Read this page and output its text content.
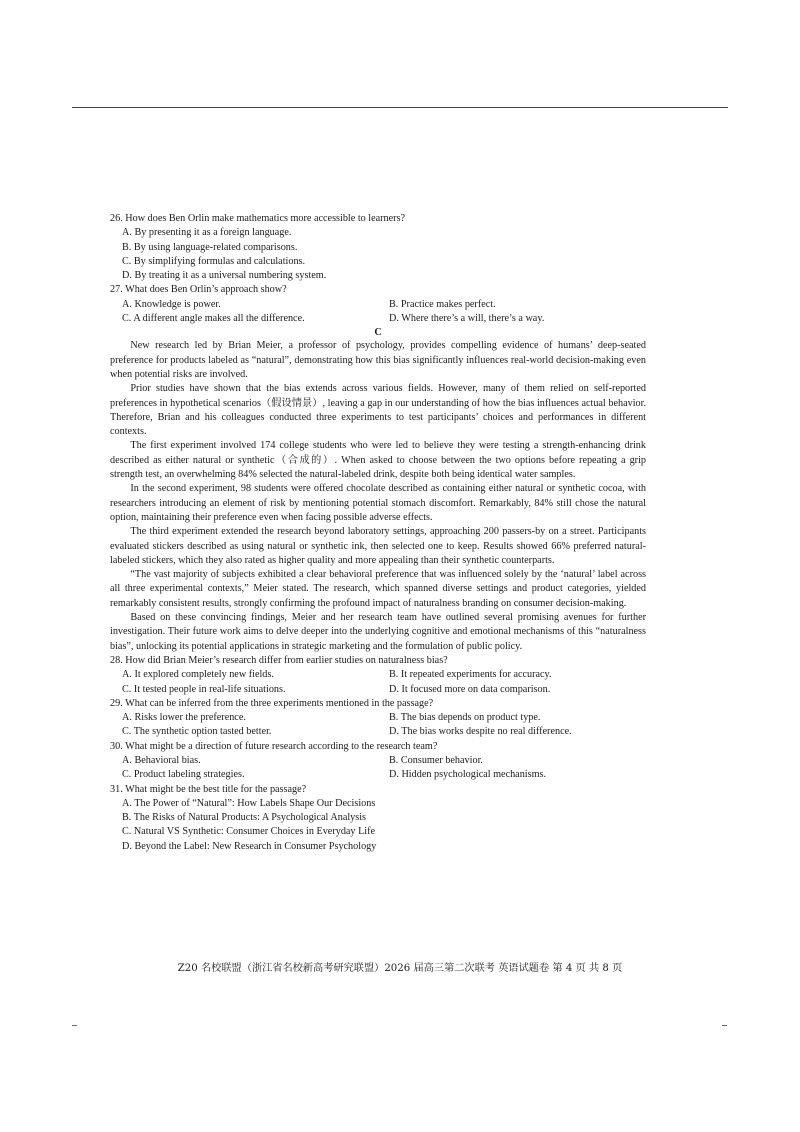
26. How does Ben Orlin make mathematics more accessible to learners?

A. By presenting it as a foreign language.

B. By using language-related comparisons.

C. By simplifying formulas and calculations.

D. By treating it as a universal numbering system.

27. What does Ben Orlin’s approach show?

A. Knowledge is power.	B. Practice makes perfect.

C. A different angle makes all the difference.	D. Where there’s a will, there’s a way.

C

New research led by Brian Meier, a professor of psychology, provides compelling evidence of humans’ deep-seated preference for products labeled as “natural”, demonstrating how this bias significantly influences real-world decision-making even when potential risks are involved.

Prior studies have shown that the bias extends across various fields. However, many of them relied on self-reported preferences in hypothetical scenarios（假设情景）, leaving a gap in our understanding of how the bias influences actual behavior. Therefore, Brian and his colleagues conducted three experiments to test participants’ choices and performances in different contexts.

The first experiment involved 174 college students who were led to believe they were testing a strength-enhancing drink described as either natural or synthetic（合成的）. When asked to choose between the two options before repeating a grip strength test, an overwhelming 84% selected the natural-labeled drink, despite both being identical water samples.

In the second experiment, 98 students were offered chocolate described as containing either natural or synthetic cocoa, with researchers introducing an element of risk by mentioning potential stomach discomfort. Remarkably, 84% still chose the natural option, maintaining their preference even when facing possible adverse effects.

The third experiment extended the research beyond laboratory settings, approaching 200 passers-by on a street. Participants evaluated stickers described as using natural or synthetic ink, then selected one to keep. Results showed 66% preferred natural-labeled stickers, which they also rated as higher quality and more appealing than their synthetic counterparts.

“The vast majority of subjects exhibited a clear behavioral preference that was influenced solely by the ‘natural’ label across all three experimental contexts,” Meier stated. The research, which spanned diverse settings and product categories, yielded remarkably consistent results, strongly confirming the profound impact of naturalness branding on consumer decision-making.

Based on these convincing findings, Meier and her research team have outlined several promising avenues for further investigation. Their future work aims to delve deeper into the underlying cognitive and emotional mechanisms of this “naturalness bias”, unlocking its potential applications in strategic marketing and the formulation of public policy.

28. How did Brian Meier’s research differ from earlier studies on naturalness bias?

A. It explored completely new fields.	B. It repeated experiments for accuracy.

C. It tested people in real-life situations.	D. It focused more on data comparison.

29. What can be inferred from the three experiments mentioned in the passage?

A. Risks lower the preference.	B. The bias depends on product type.

C. The synthetic option tasted better.	D. The bias works despite no real difference.

30. What might be a direction of future research according to the research team?

A. Behavioral bias.	B. Consumer behavior.

C. Product labeling strategies.	D. Hidden psychological mechanisms.

31. What might be the best title for the passage?

A. The Power of “Natural”: How Labels Shape Our Decisions

B. The Risks of Natural Products: A Psychological Analysis

C. Natural VS Synthetic: Consumer Choices in Everyday Life

D. Beyond the Label: New Research in Consumer Psychology

Z20 名校联盟（浙江省名校新高考研究联盟）2026 届高三第二次联考 英语试题卷 第 4 页 共 8 页
